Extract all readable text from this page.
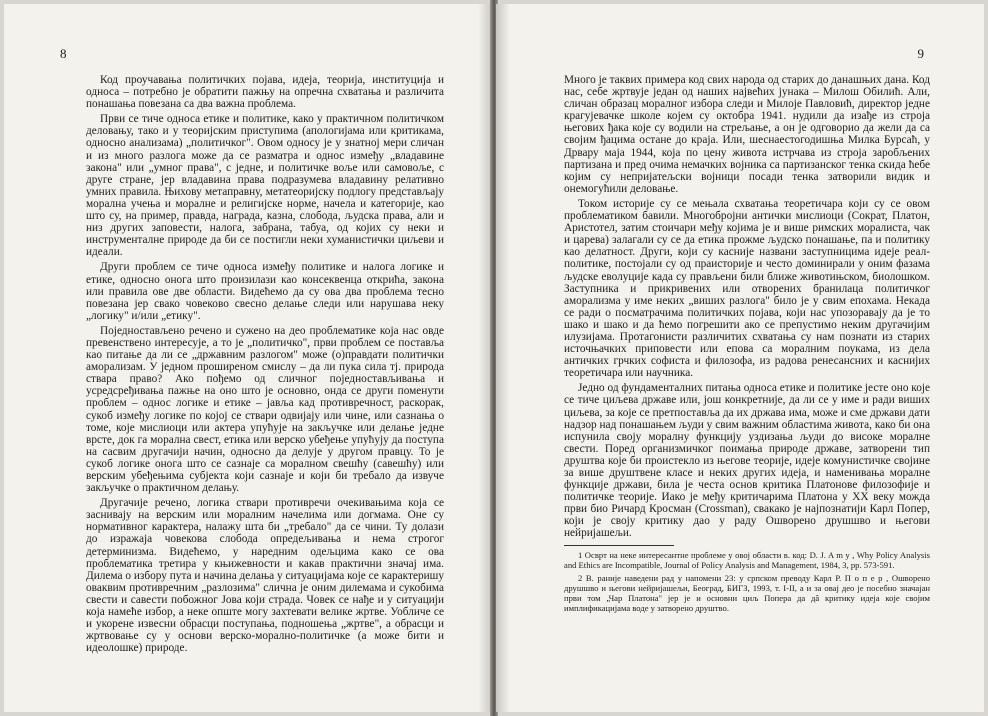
8

Код проучавања политичких појава, идеја, теорија, институција и односа – потребно је обратити пажњу на опречна схватања и различита понашања повезана са два важна проблема.

Први се тиче односа етике и политике, како у практичном политичком деловању, тако и у теоријским приступима (апологијама или критикама, односно анализама) „политичког". Овом односу је у знатној мери сличан и из много разлога може да се разматра и однос између „владавине закона" или „умног права", с једне, и политичке воље или самовоље, с друге стране, јер владавина права подразумева владавину релативно умних правила. Њихову метаправну, метатеоријску подлогу представљају морална учења и моралне и религијске норме, начела и категорије, као што су, на пример, правда, награда, казна, слобода, људска права, али и низ других заповести, налога, забрана, табуа, од којих су неки и инструменталне природе да би се постигли неки хуманистички циљеви и идеали.

Други проблем се тиче односа између политике и налога логике и етике, односно онога што произилази као консеквенца открића, закона или правила ове две области. Видећемо да су ова два проблема тесно повезана јер свако човеково свесно делање следи или нарушава неку „логику" и/или „етику".

Поједностављено речено и сужено на део проблематике која нас овде превенствено интересује, а то је „политичко", први проблем се поставља као питање да ли се „државним разлогом" може (о)правдати политички аморализам. У једном проширеном смислу – да ли пука сила тј. природа ствара право? Ако пођемо од сличног поједностављивања и усредсређивања пажње на оно што је основно, онда се други поменути проблем – однос логике и етике – јавља кад противречност, раскорак, сукоб између логике по којој се ствари одвијају или чине, или сазнања о томе, које мислиоци или актера упућује на закључке или делање једне врсте, док га морална свест, етика или верско убеђење упућују да поступа на сасвим другачији начин, односно да делује у другом правцу. То је сукоб логике онога што се сазнаје са моралном свешћу (савешћу) или верским убеђењима субјекта који сазнаје и који би требало да извуче закључке о практичном делању.

Другачије речено, логика ствари противречи очекивањима која се заснивају на верским или моралним начелима или догмама. Оне су нормативног карактера, налажу шта би „требало" да се чини. Ту долази до изражаја човекова слобода опредељивања и нема строгог детерминизма. Видећемо, у наредним одељцима како се ова проблематика третира у књижевности и какав практични значај има. Дилема о избору пута и начина делања у ситуацијама које се карактеришу оваквим противречним „разлозима" слична је оним дилемама и сукобима свести и савести побожног Јова који страда. Човек се нађе и у ситуацији која намеће избор, а неке опште могу захтевати велике жртве. Уобличе се и укорене извесни обрасци поступања, подношења „жртве", а обрасци и жртвовање су у основи верско-моралнo-политичке (а може бити и идеолошке) природе.

9

Много је таквих примера код свих народа од старих до данашњих дана. Код нас, себе жртвује један од наших највећих јунака – Милош Обилић. Али, сличан образац моралног избора следи и Милоје Павловић, директор једне крагујевачке школе којем су октобра 1941. нудили да изађе из строја његових ђака које су водили на стрељање, а он је одговорио да жели да са својим ђацима остане до краја. Или, шеснаестогодишња Милка Бурсаћ, у Дрвару маја 1944, која по цену живота истрчава из строја заробљених партизана и пред очима немачких војника са партизанског тенка скида ћебе којим су непријатељски војници посади тенка затворили видик и онемогућили деловање.

Током историје су се мењала схватања теоретичара који су се овом проблематиком бавили. Многобројни антички мислиоци (Сократ, Платон, Аристотел, затим стоичари међу којима је и више римских моралиста, чак и царева) залагали су се да етика прожме људско понашање, па и политику као делатност. Други, који су касније названи заступницима идеје реал-политике, постојали су од праисторије и често доминирали у оним фазама људске еволуције када су прављени били ближе животињском, биолошком. Заступника и прикривених или отворених бранилаца политичког аморализма у име неких „виших разлога" било је у свим епохама. Некада се ради о посматрачима политичких појава, који нас упозоравају да је то шако и шако и да ћемо погрешити ако се препустимо неким другачијим илузијама. Протагонисти различитих схватања су нам познати из старих источњачких приповести или епова са моралним поукама, из дела античких грчких софиста и филозофа, из радова ренесансних и каснијих теоретичара или научника.

Једно од фундаменталних питања односа етике и политике јесте оно које се тиче циљева државе или, још конкретније, да ли се у име и ради виших циљева, за које се претпоставља да их држава има, може и сме држави дати надзор над понашањем људи у свим важним областима живота, како би она испунила своју моралну функцију уздизања људи до високе моралне свести. Поред организмичког поимања природе државе, затворени тип друштва које би проистекло из његове теорије, идеје комунистичке својине за више друштвене класе и неких других идеја, и наменивања моралне функције држави, била је честа основ критика Платонове филозофије и политичке теорије. Иако је међу критичарима Платона у XX веку можда први био Ричард Кросман (Crossman), свакако је најпознатији Карл Попер, који је своју критику дао у раду Ошворено друшшво и његови нейријашељи.

1 Осврт на неке интересантне проблеме у овој области в. код: D. J. A m y , Why Policy Analysis and Ethics are Incompatible, Journal of Policy Analysis and Management, 1984, 3, pp. 573-591.

2 В. раније наведени рад у напомени 23: у српском преводу Карл Р. П о п е р , Ошворено друшшво и његови нейријашељи, Београд, БИГЗ, 1993, т. I-II, а и за овај део је посебно значајан први том „Чар Платона" јер је и основни циљ Попера да дâ критику идеја које својим имплификацијама воде у затворено друштво.
